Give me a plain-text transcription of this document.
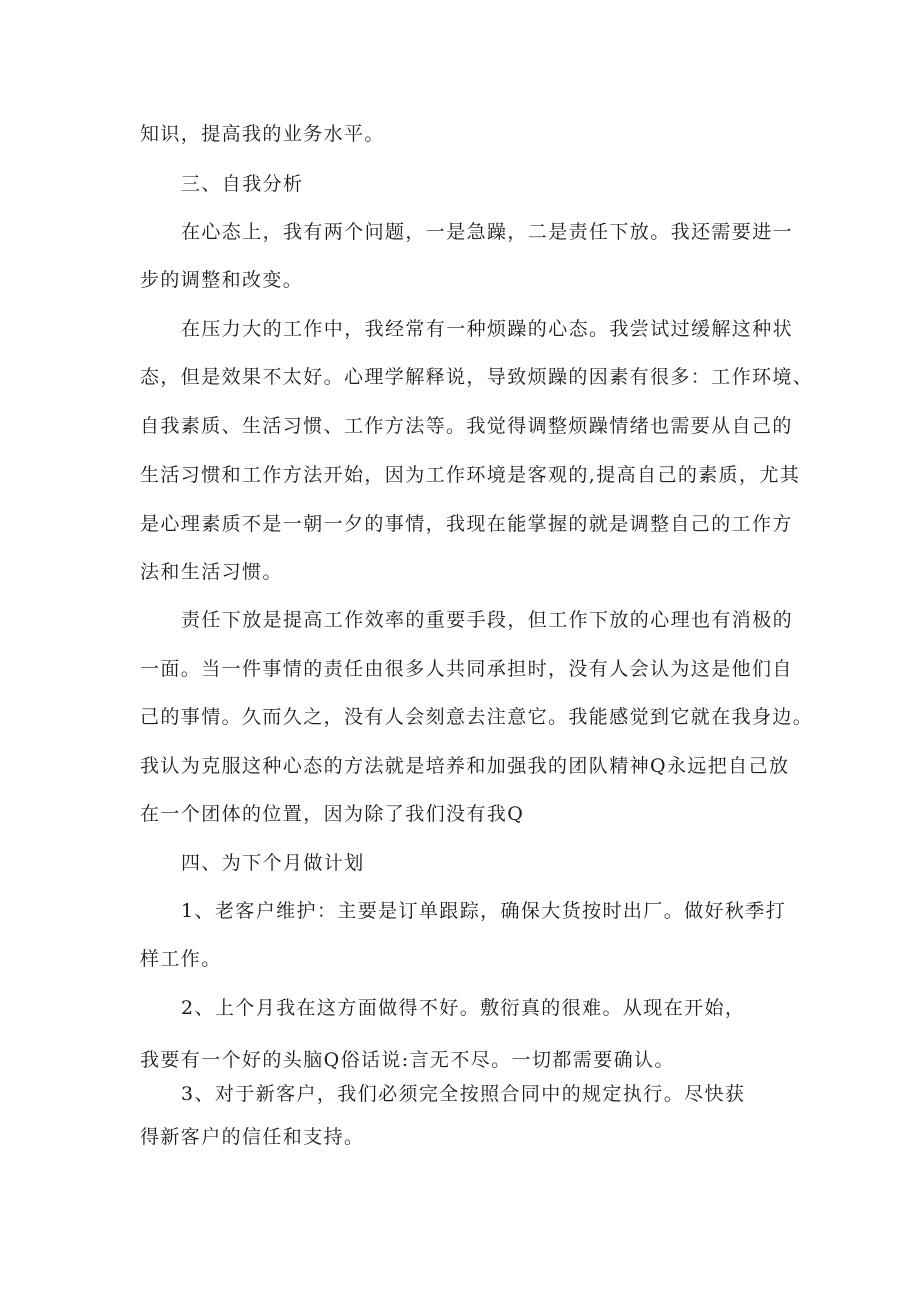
知识，提高我的业务水平。
三、自我分析
在心态上，我有两个问题，一是急躁，二是责任下放。我还需要进一
步的调整和改变。
在压力大的工作中，我经常有一种烦躁的心态。我尝试过缓解这种状
态，但是效果不太好。心理学解释说，导致烦躁的因素有很多：工作环境、
自我素质、生活习惯、工作方法等。我觉得调整烦躁情绪也需要从自己的
生活习惯和工作方法开始，因为工作环境是客观的,提高自己的素质，尤其
是心理素质不是一朝一夕的事情，我现在能掌握的就是调整自己的工作方
法和生活习惯。
责任下放是提高工作效率的重要手段，但工作下放的心理也有消极的
一面。当一件事情的责任由很多人共同承担时，没有人会认为这是他们自
己的事情。久而久之，没有人会刻意去注意它。我能感觉到它就在我身边。
我认为克服这种心态的方法就是培养和加强我的团队精神Q永远把自己放
在一个团体的位置，因为除了我们没有我Q
四、为下个月做计划
1、老客户维护：主要是订单跟踪，确保大货按时出厂。做好秋季打
样工作。
2、上个月我在这方面做得不好。敷衍真的很难。从现在开始，
我要有一个好的头脑Q俗话说:言无不尽。一切都需要确认。
3、对于新客户，我们必须完全按照合同中的规定执行。尽快获
得新客户的信任和支持。
